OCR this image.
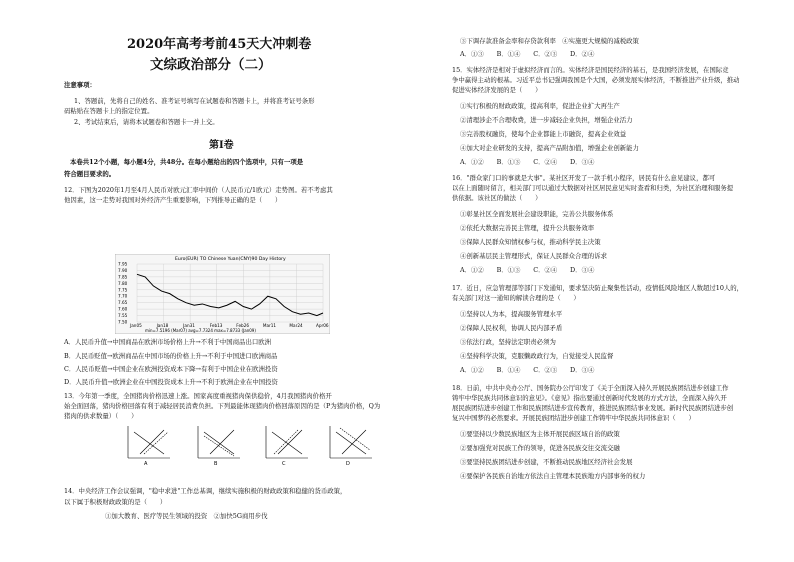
2020年高考考前45天大冲刺卷
文综政治部分（二）
注意事项：
1、答题前，先将自己的姓名、准考证号填写在试题卷和答题卡上，并将准考证号条形
码粘贴在答题卡上的指定位置。
2、考试结束后，请将本试题卷和答题卡一并上交。
第Ⅰ卷
本卷共12个小题，每小题4分，共48分。在每小题给出的四个选项中，只有一项是
符合题目要求的。
12．下图为2020年1月至4月人民币对欧元汇率中间价（人民币元/1欧元）走势图。若不考虑其
他因素，这一走势对我国对外经济产生重要影响，下列推导正确的是（　　）
Euro(EUR) TO Chinese Yuan(CNY)90 Day History
7.95
7.90
7.85
7.80
7.75
7.70
7.65
7.60
7.55
7.50
Jan05	Jan18	Jan31	Feb13	Feb26	Mar11	Mar24	Apr06
min=7.5196 (Mar07) avg=7.7324 max=7.8733 (Jan09)
A．人民币升值→中国商品在欧洲市场价格上升→不利于中国商品出口欧洲
B．人民币贬值→欧洲商品在中国市场的价格上升→不利于中国进口欧洲商品
C．人民币贬值→中国企业在欧洲投资成本下降→有利于中国企业在欧洲投资
D．人民币升值→欧洲企业在中国投资成本上升→不利于欧洲企业在中国投资
13．今年第一季度，全国猪肉价格迅速上涨。国家高度重视猪肉保供稳价，4月我国猪肉价格开
始全面回落，猪肉价格回落有利于减轻居民消费负担。下列最能体现猪肉价格回落原因的是（P为猪肉价格，Q为
猪肉的供求数量）（　　）
A	B	C	D
14．中央经济工作会议强调，"稳中求进"工作总基调，继续实施积极的财政政策和稳健的货币政策，
以下属于积极财政政策的是（　　）
①加大教育、医疗等民生领域的投资　②加快5G商用步伐
③下调存款准备金率和存贷款利率　④实施更大规模的减税政策
A．①③　　B．①④　　C．②③　　D．②④
15．实体经济是相对于虚拟经济而言的。实体经济是国民经济的基石，是我国经济发展，在国际竞
争中赢得主动的根基。习近平总书记强调我国是个大国，必须发展实体经济，不断推进产业升级，推动
促进实体经济发展的是（　　）
①实行积极的财政政策，提高利率，促进企业扩大再生产
②清理涉企不合理收费，进一步减轻企业负担，增强企业活力
③完善股权融资，使每个企业都能上市融资，提高企业效益
④加大对企业研发的支持，提高产品附加值，增强企业创新能力
A．①②　　B．①③　　C．②④　　D．③④
16．"群众家门口的事就是大事"。某社区开发了一款手机小程序，居民有什么意见建议，都可
以在上面随时留言，相关部门可以通过大数据对社区居民意见实时查看和归类，为社区治理和服务提
供依据。该社区的做法（　　）
①彰显社区全面发展社会建设职能，完善公共服务体系
②依托大数据完善民主管理，提升公共服务效率
③保障人民群众知情权参与权，推动科学民主决策
④创新基层民主管理形式，保证人民群众合理的诉求
A．①②　　B．①③　　C．②④　　D．③④
17．近日，应急管理部等部门下发通知，要求坚决防止聚集性活动，疫情低风险地区人数超过10人的，
有关部门对这一通知的解读合理的是（　　）
①坚持以人为本，提高服务管理水平
②保障人民权利，协调人民内部矛盾
③依法行政，坚持法定职责必须为
④坚持科学决策，克服懒政政行为，自觉接受人民监督
A．①②　　B．①④　　C．②③　　D．③④
18．日前，中共中央办公厅、国务院办公厅印发了《关于全面深入持久开展民族团结进步创建工作
铸牢中华民族共同体意识的意见》。《意见》指出要通过创新时代发展的方式方法，全面深入持久开
展民族团结进步创建工作和民族团结进步宣传教育，推进民族团结事业发展。新时代民族团结进步创
复兴中国梦的必然要求。开展民族团结进步创建工作铸牢中华民族共同体意识（　　）
①要坚持以少数民族地区为主体开展民族区域自治的政策
②要加强党对民族工作的领导，促进各民族交往交流交融
③要坚持民族团结进步创建，不断推动民族地区经济社会发展
④要保护各民族自治地方依法自主管理本民族地方内部事务的权力
